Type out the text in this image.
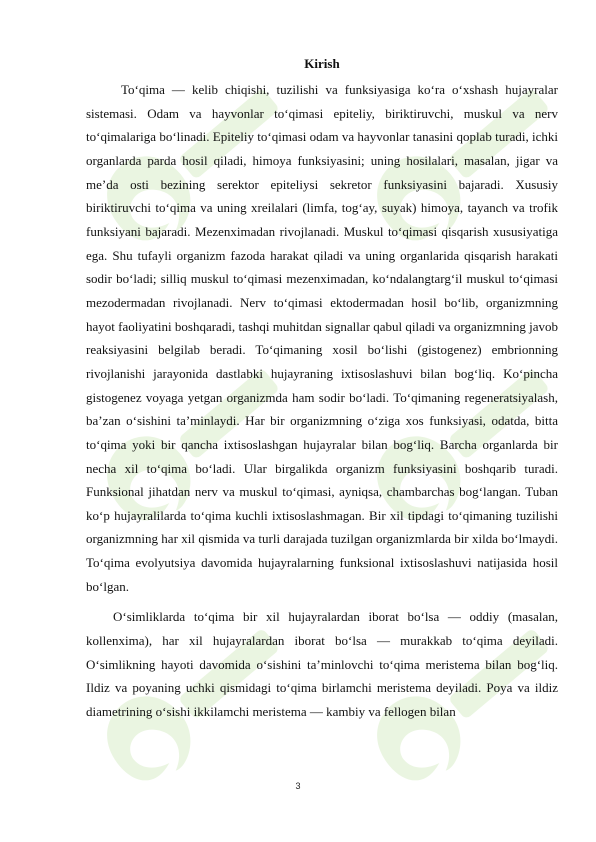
Kirish

To‘qima — kelib chiqishi, tuzilishi va funksiyasiga ko‘ra o‘xshash hujayralar sistemasi. Odam va hayvonlar to‘qimasi epiteliy, biriktiruvchi, muskul va nerv to‘qimalariga bo‘linadi. Epiteliy to‘qimasi odam va hayvonlar tanasini qoplab turadi, ichki organlarda parda hosil qiladi, himoya funksiyasini; uning hosilalari, masalan, jigar va me’da osti bezining serektor epiteliysi sekretor funksiyasini bajaradi. Xususiy biriktiruvchi to‘qima va uning xreilalari (limfa, tog‘ay, suyak) himoya, tayanch va trofik funksiyani bajaradi. Mezenximadan rivojlanadi. Muskul to‘qimasi qisqarish xususiyatiga ega. Shu tufayli organizm fazoda harakat qiladi va uning organlarida qisqarish harakati sodir bo‘ladi; silliq muskul to‘qimasi mezenximadan, ko‘ndalangtarg‘il muskul to‘qimasi mezodermadan rivojlanadi. Nerv to‘qimasi ektodermadan hosil bo‘lib, organizmning hayot faoliyatini boshqaradi, tashqi muhitdan signallar qabul qiladi va organizmning javob reaksiyasini belgilab beradi. To‘qimaning xosil bo‘lishi (gistogenez) embrionning rivojlanishi jarayonida dastlabki hujayraning ixtisoslashuvi bilan bog‘liq. Ko‘pincha gistogenez voyaga yetgan organizmda ham sodir bo‘ladi. To‘qimaning regeneratsiyalash, ba’zan o‘sishini ta’minlaydi. Har bir organizmning o‘ziga xos funksiyasi, odatda, bitta to‘qima yoki bir qancha ixtisoslashgan hujayralar bilan bog‘liq. Barcha organlarda bir necha xil to‘qima bo‘ladi. Ular birgalikda organizm funksiyasini boshqarib turadi. Funksional jihatdan nerv va muskul to‘qimasi, ayniqsa, chambarchas bog‘langan. Tuban ko‘p hujayralilarda to‘qima kuchli ixtisoslashmagan. Bir xil tipdagi to‘qimaning tuzilishi organizmning har xil qismida va turli darajada tuzilgan organizmlarda bir xilda bo‘lmaydi. To‘qima evolyutsiya davomida hujayralarning funksional ixtisoslashuvi natijasida hosil bo‘lgan.

O‘simliklarda to‘qima bir xil hujayralardan iborat bo‘lsa — oddiy (masalan, kollenxima), har xil hujayralardan iborat bo‘lsa — murakkab to‘qima deyiladi. O‘simlikning hayoti davomida o‘sishini ta’minlovchi to‘qima meristema bilan bog‘liq. Ildiz va poyaning uchki qismidagi to‘qima birlamchi meristema deyiladi. Poya va ildiz diametrining o‘sishi ikkilamchi meristema — kambiy va fellogen bilan

3
